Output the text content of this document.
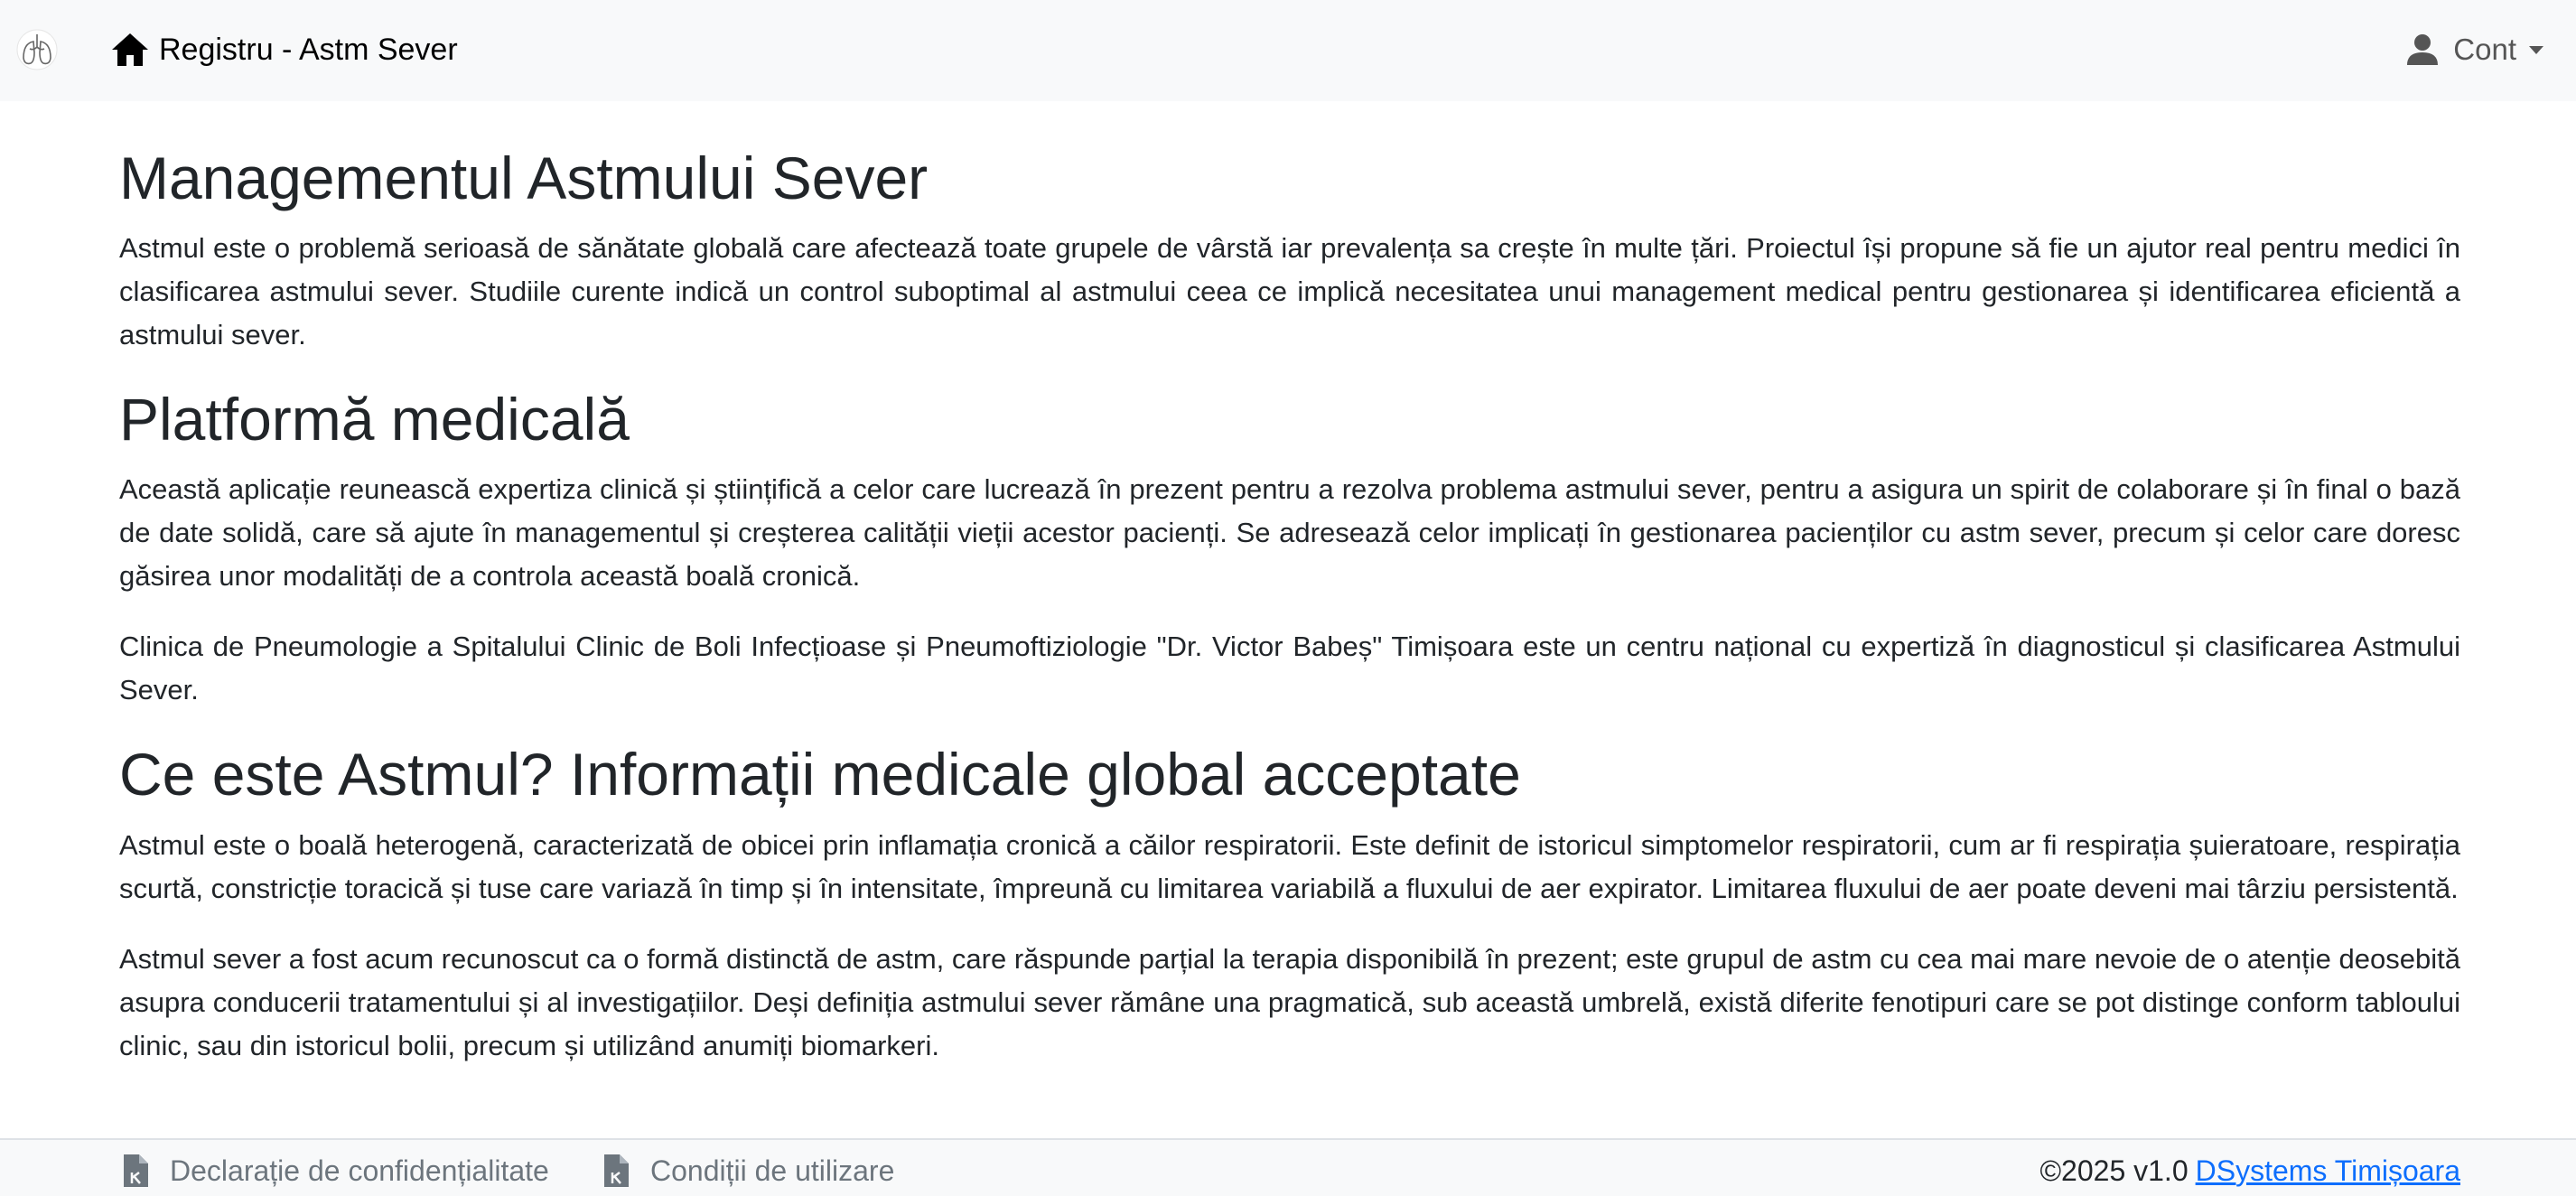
Registru - Astm Sever	Cont
Managementul Astmului Sever

Astmul este o problemă serioasă de sănătate globală care afectează toate grupele de vârstă iar prevalența sa crește în multe țări. Proiectul își propune să fie un ajutor real pentru medici în clasificarea astmului sever. Studiile curente indică un control suboptimal al astmului ceea ce implică necesitatea unui management medical pentru gestionarea și identificarea eficientă a astmului sever.

Platformă medicală

Această aplicație reunească expertiza clinică și științifică a celor care lucrează în prezent pentru a rezolva problema astmului sever, pentru a asigura un spirit de colaborare și în final o bază de date solidă, care să ajute în managementul și creșterea calității vieții acestor pacienți. Se adresează celor implicați în gestionarea pacienților cu astm sever, precum și celor care doresc găsirea unor modalități de a controla această boală cronică.

Clinica de Pneumologie a Spitalului Clinic de Boli Infecțioase și Pneumoftiziologie "Dr. Victor Babeș" Timișoara este un centru național cu expertiză în diagnosticul și clasificarea Astmului Sever.

Ce este Astmul? Informații medicale global acceptate

Astmul este o boală heterogenă, caracterizată de obicei prin inflamația cronică a căilor respiratorii. Este definit de istoricul simptomelor respiratorii, cum ar fi respirația șuieratoare, respirația scurtă, constricție toracică și tuse care variază în timp și în intensitate, împreună cu limitarea variabilă a fluxului de aer expirator. Limitarea fluxului de aer poate deveni mai târziu persistentă.

Astmul sever a fost acum recunoscut ca o formă distinctă de astm, care răspunde parțial la terapia disponibilă în prezent; este grupul de astm cu cea mai mare nevoie de o atenție deosebită asupra conducerii tratamentului și al investigațiilor. Deși definiția astmului sever rămâne una pragmatică, sub această umbrelă, există diferite fenotipuri care se pot distinge conform tabloului clinic, sau din istoricul bolii, precum și utilizând anumiți biomarkeri.

Declarație de confidențialitate	Condiții de utilizare	©2025 v1.0 DSystems Timișoara
